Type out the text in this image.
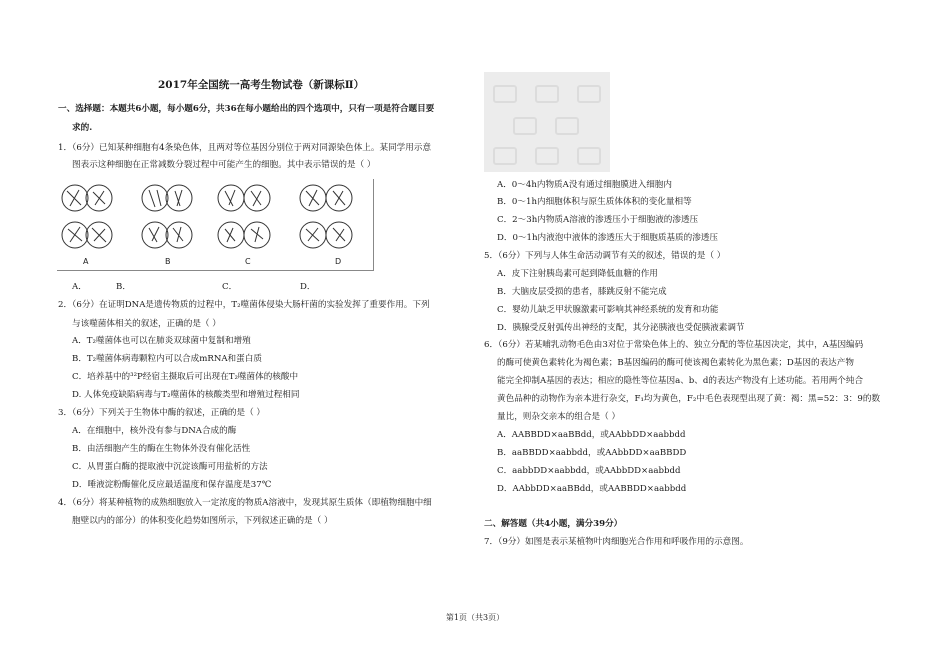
2017年全国统一高考生物试卷（新课标Ⅱ）
一、选择题：本题共6小题，每小题6分，共36在每小题给出的四个选项中，只有一项是符合题目要
求的.
1．（6分）已知某种细胞有4条染色体，且两对等位基因分别位于两对同源染色体上。某同学用示意
图表示这种细胞在正常减数分裂过程中可能产生的细胞。其中表示错误的是（ ）
A	B	C	D
A．	B．	C．	D．
2．（6分）在证明DNA是遗传物质的过程中，T₂噬菌体侵染大肠杆菌的实验发挥了重要作用。下列
与该噬菌体相关的叙述，正确的是（ ）
A．T₂噬菌体也可以在肺炎双球菌中复制和增殖
B．T₂噬菌体病毒颗粒内可以合成mRNA和蛋白质
C．培养基中的³²P经宿主摄取后可出现在T₂噬菌体的核酸中
D. 人体免疫缺陷病毒与T₂噬菌体的核酸类型和增殖过程相同
3．（6分）下列关于生物体中酶的叙述，正确的是（ ）
A．在细胞中，核外没有参与DNA合成的酶
B．由活细胞产生的酶在生物体外没有催化活性
C．从胃蛋白酶的提取液中沉淀该酶可用盐析的方法
D．唾液淀粉酶催化反应最适温度和保存温度是37℃
4．（6分）将某种植物的成熟细胞放入一定浓度的物质A溶液中，发现其原生质体（即植物细胞中细
胞壁以内的部分）的体积变化趋势如图所示，下列叙述正确的是（ ）
A．0～4h内物质A没有通过细胞膜进入细胞内
B．0～1h内细胞体积与原生质体体积的变化量相等
C．2～3h内物质A溶液的渗透压小于细胞液的渗透压
D．0～1h内液泡中液体的渗透压大于细胞质基质的渗透压
5．（6分）下列与人体生命活动调节有关的叙述，错误的是（ ）
A．皮下注射胰岛素可起到降低血糖的作用
B．大脑皮层受损的患者，膝跳反射不能完成
C．婴幼儿缺乏甲状腺激素可影响其神经系统的发育和功能
D．胰腺受反射弧传出神经的支配，其分泌胰液也受促胰液素调节
6．（6分）若某哺乳动物毛色由3对位于常染色体上的、独立分配的等位基因决定，其中，A基因编码
的酶可使黄色素转化为褐色素；B基因编码的酶可使该褐色素转化为黑色素；D基因的表达产物
能完全抑制A基因的表达；相应的隐性等位基因a、b、d的表达产物没有上述功能。若用两个纯合
黄色品种的动物作为亲本进行杂交，F₁均为黄色，F₂中毛色表现型出现了黄：褐：黑=52：3：9的数
量比，则杂交亲本的组合是（ ）
A．AABBDD×aaBBdd，或AAbbDD×aabbdd
B．aaBBDD×aabbdd，或AAbbDD×aaBBDD
C．aabbDD×aabbdd，或AAbbDD×aabbdd
D．AAbbDD×aaBBdd，或AABBDD×aabbdd
二、解答题（共4小题，满分39分）
7．（9分）如图是表示某植物叶肉细胞光合作用和呼吸作用的示意图。
第1页（共3页）
